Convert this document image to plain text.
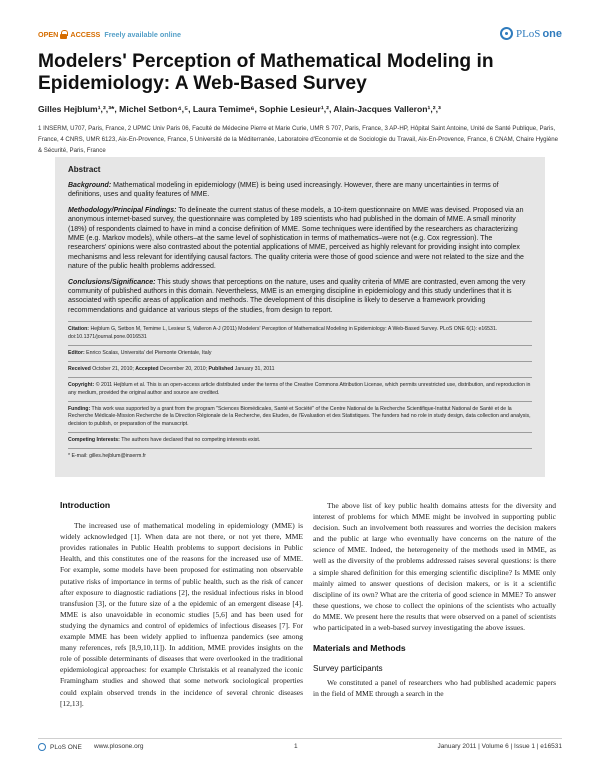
OPEN ACCESS Freely available online	PLoS one
Modelers' Perception of Mathematical Modeling in Epidemiology: A Web-Based Survey
Gilles Hejblum¹,²,³*, Michel Setbon⁴,⁵, Laura Temime⁶, Sophie Lesieur¹,², Alain-Jacques Valleron¹,²,³
1 INSERM, U707, Paris, France, 2 UPMC Univ Paris 06, Faculté de Médecine Pierre et Marie Curie, UMR S 707, Paris, France, 3 AP-HP, Hôpital Saint Antoine, Unité de Santé Publique, Paris, France, 4 CNRS, UMR 6123, Aix-En-Provence, France, 5 Université de la Méditerranée, Laboratoire d'Economie et de Sociologie du Travail, Aix-En-Provence, France, 6 CNAM, Chaire Hygiène & Sécurité, Paris, France
Abstract

Background: Mathematical modeling in epidemiology (MME) is being used increasingly. However, there are many uncertainties in terms of definitions, uses and quality features of MME.

Methodology/Principal Findings: To delineate the current status of these models, a 10-item questionnaire on MME was devised. Proposed via an anonymous internet-based survey, the questionnaire was completed by 189 scientists who had published in the domain of MME. A small minority (18%) of respondents claimed to have in mind a concise definition of MME. Some techniques were identified by the researchers as characterizing MME (e.g. Markov models), while others–at the same level of sophistication in terms of mathematics–were not (e.g. Cox regression). The researchers' opinions were also contrasted about the potential applications of MME, perceived as highly relevant for providing insight into complex mechanisms and less relevant for identifying causal factors. The quality criteria were those of good science and were not related to the size and the nature of the public health problems addressed.

Conclusions/Significance: This study shows that perceptions on the nature, uses and quality criteria of MME are contrasted, even among the very community of published authors in this domain. Nevertheless, MME is an emerging discipline in epidemiology and this study underlines that it is associated with specific areas of application and methods. The development of this discipline is likely to deserve a framework providing recommendations and guidance at various steps of the studies, from design to report.

Citation: Hejblum G, Setbon M, Temime L, Lesieur S, Valleron A-J (2011) Modelers' Perception of Mathematical Modeling in Epidemiology: A Web-Based Survey. PLoS ONE 6(1): e16531. doi:10.1371/journal.pone.0016531
Editor: Enrico Scalas, Universita' del Piemonte Orientale, Italy
Received October 21, 2010; Accepted December 20, 2010; Published January 31, 2011
Copyright: © 2011 Hejblum et al. This is an open-access article distributed under the terms of the Creative Commons Attribution License, which permits unrestricted use, distribution, and reproduction in any medium, provided the original author and source are credited.
Funding: This work was supported by a grant from the program "Sciences Biomédicales, Santé et Société" of the Centre National de la Recherche Scientifique-Institut National de Santé et de la Recherche Médicale-Mission Recherche de la Direction Régionale de la Recherche, des Etudes, de l'Evaluation et des Statistiques. The funders had no role in study design, data collection and analysis, decision to publish, or preparation of the manuscript.
Competing Interests: The authors have declared that no competing interests exist.
* E-mail: gilles.hejblum@inserm.fr
Introduction

The increased use of mathematical modeling in epidemiology (MME) is widely acknowledged [1]. When data are not there, or not yet there, MME provides rationales in Public Health problems to support decisions in Public Health, and this constitutes one of the reasons for the increased use of MME. For example, some models have been proposed for estimating non observable putative risks of importance in terms of public health, such as the risk of cancer after exposure to diagnostic radiations [2], the residual infectious risks in blood transfusion [3], or the future size of a the epidemic of an emergent disease [4]. MME is also unavoidable in economic studies [5,6] and has been used for studying the dynamics and control of epidemics of infectious diseases [7]. For example MME has been widely applied to influenza pandemics (see among many references, refs [8,9,10,11]). In addition, MME provides insights on the role of possible determinants of diseases that were overlooked in the traditional epidemiological approaches: for example Christakis et al reanalyzed the iconic Framingham studies and showed that some network sociological properties could explain observed trends in the incidence of several chronic diseases [12,13].

The above list of key public health domains attests for the diversity and interest of problems for which MME might be involved in supporting public decision. Such an involvement both reassures and worries the decision makers and the public at large who eventually have concerns on the nature of the science of MME. Indeed, the heterogeneity of the methods used in MME, as well as the diversity of the problems addressed raises several questions: is there a simple shared definition for this emerging scientific discipline? Is MME only mainly aimed to answer questions of decision makers, or is it a scientific discipline of its own? What are the criteria of good science in MME? To answer these questions, we chose to collect the opinions of the scientists who actually do MME. We present here the results that were observed on a panel of scientists who participated in a web-based survey investigating the above issues.

Materials and Methods
Survey participants

We constituted a panel of researchers who had published academic papers in the field of MME through a search in the

PLoS ONE www.plosone.org	1	January 2011 | Volume 6 | Issue 1 | e16531
